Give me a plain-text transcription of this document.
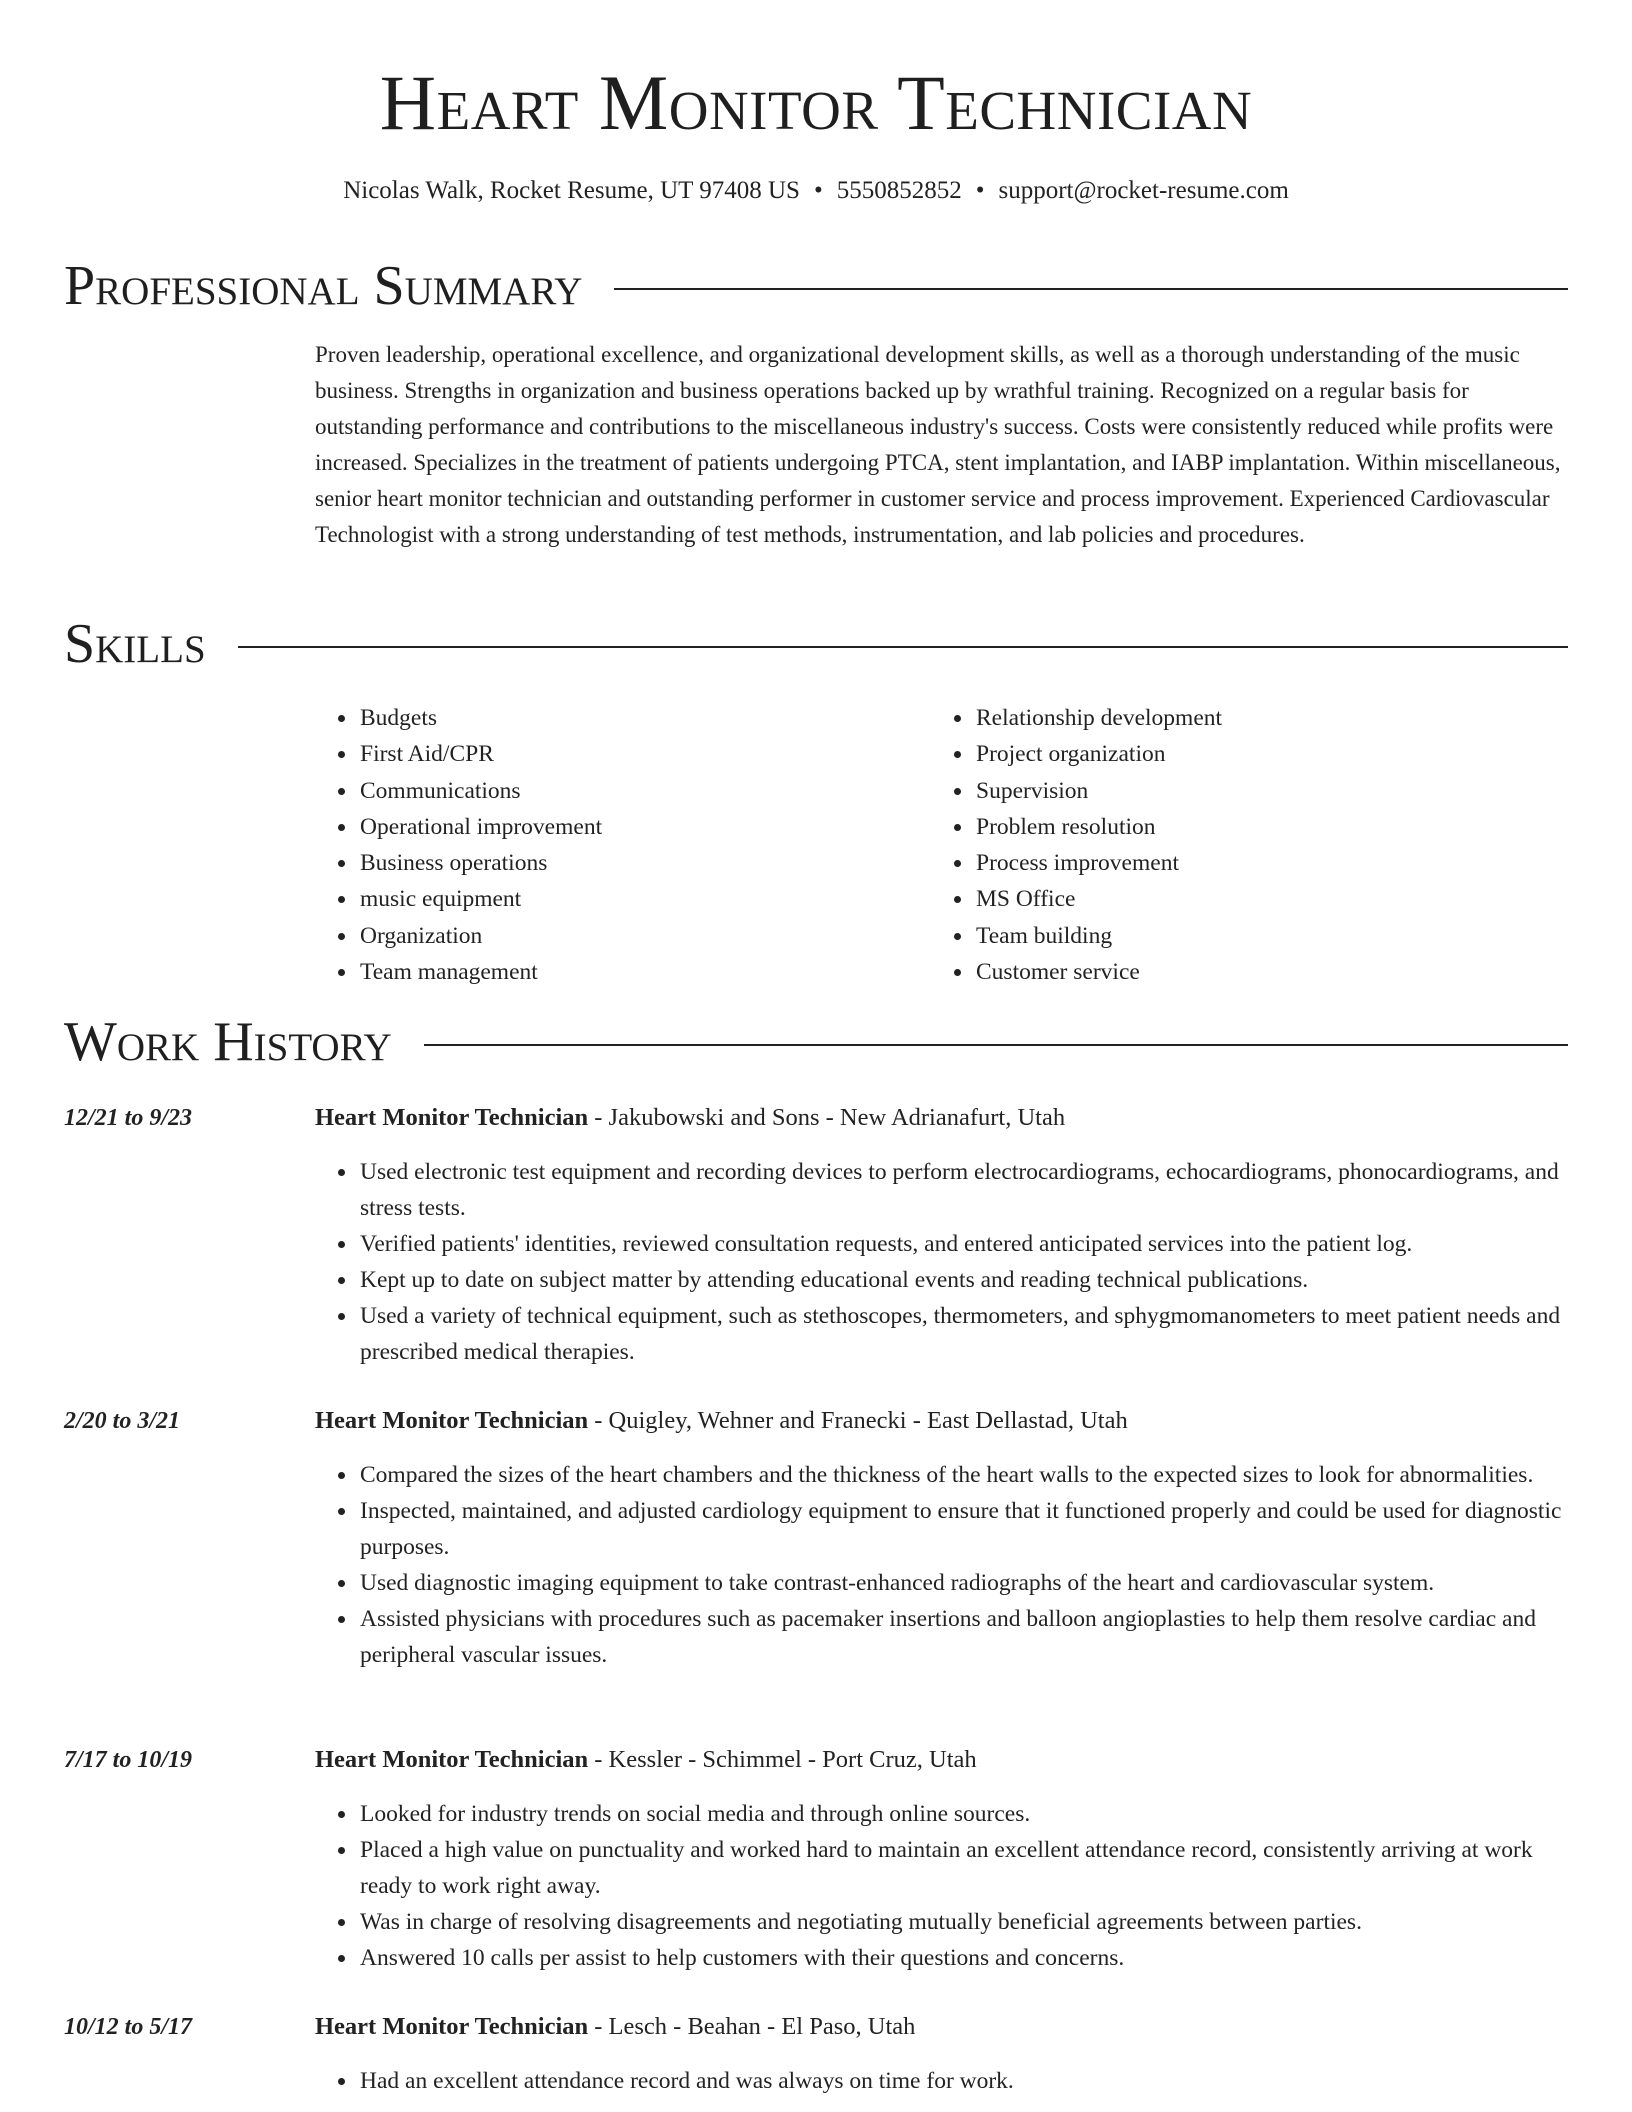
Heart Monitor Technician
Nicolas Walk, Rocket Resume, UT 97408 US • 5550852852 • support@rocket-resume.com
Professional Summary

Proven leadership, operational excellence, and organizational development skills, as well as a thorough understanding of the music business. Strengths in organization and business operations backed up by wrathful training. Recognized on a regular basis for outstanding performance and contributions to the miscellaneous industry's success. Costs were consistently reduced while profits were increased. Specializes in the treatment of patients undergoing PTCA, stent implantation, and IABP implantation. Within miscellaneous, senior heart monitor technician and outstanding performer in customer service and process improvement. Experienced Cardiovascular Technologist with a strong understanding of test methods, instrumentation, and lab policies and procedures.

Skills
• Budgets
• First Aid/CPR
• Communications
• Operational improvement
• Business operations
• music equipment
• Organization
• Team management
• Relationship development
• Project organization
• Supervision
• Problem resolution
• Process improvement
• MS Office
• Team building
• Customer service
Work History
12/21 to 9/23	Heart Monitor Technician - Jakubowski and Sons - New Adrianafurt, Utah
• Used electronic test equipment and recording devices to perform electrocardiograms, echocardiograms, phonocardiograms, and stress tests.
• Verified patients' identities, reviewed consultation requests, and entered anticipated services into the patient log.
• Kept up to date on subject matter by attending educational events and reading technical publications.
• Used a variety of technical equipment, such as stethoscopes, thermometers, and sphygmomanometers to meet patient needs and prescribed medical therapies.
2/20 to 3/21	Heart Monitor Technician - Quigley, Wehner and Franecki - East Dellastad, Utah
• Compared the sizes of the heart chambers and the thickness of the heart walls to the expected sizes to look for abnormalities.
• Inspected, maintained, and adjusted cardiology equipment to ensure that it functioned properly and could be used for diagnostic purposes.
• Used diagnostic imaging equipment to take contrast-enhanced radiographs of the heart and cardiovascular system.
• Assisted physicians with procedures such as pacemaker insertions and balloon angioplasties to help them resolve cardiac and peripheral vascular issues.
7/17 to 10/19	Heart Monitor Technician - Kessler - Schimmel - Port Cruz, Utah
• Looked for industry trends on social media and through online sources.
• Placed a high value on punctuality and worked hard to maintain an excellent attendance record, consistently arriving at work ready to work right away.
• Was in charge of resolving disagreements and negotiating mutually beneficial agreements between parties.
• Answered 10 calls per assist to help customers with their questions and concerns.
10/12 to 5/17	Heart Monitor Technician - Lesch - Beahan - El Paso, Utah
• Had an excellent attendance record and was always on time for work.
